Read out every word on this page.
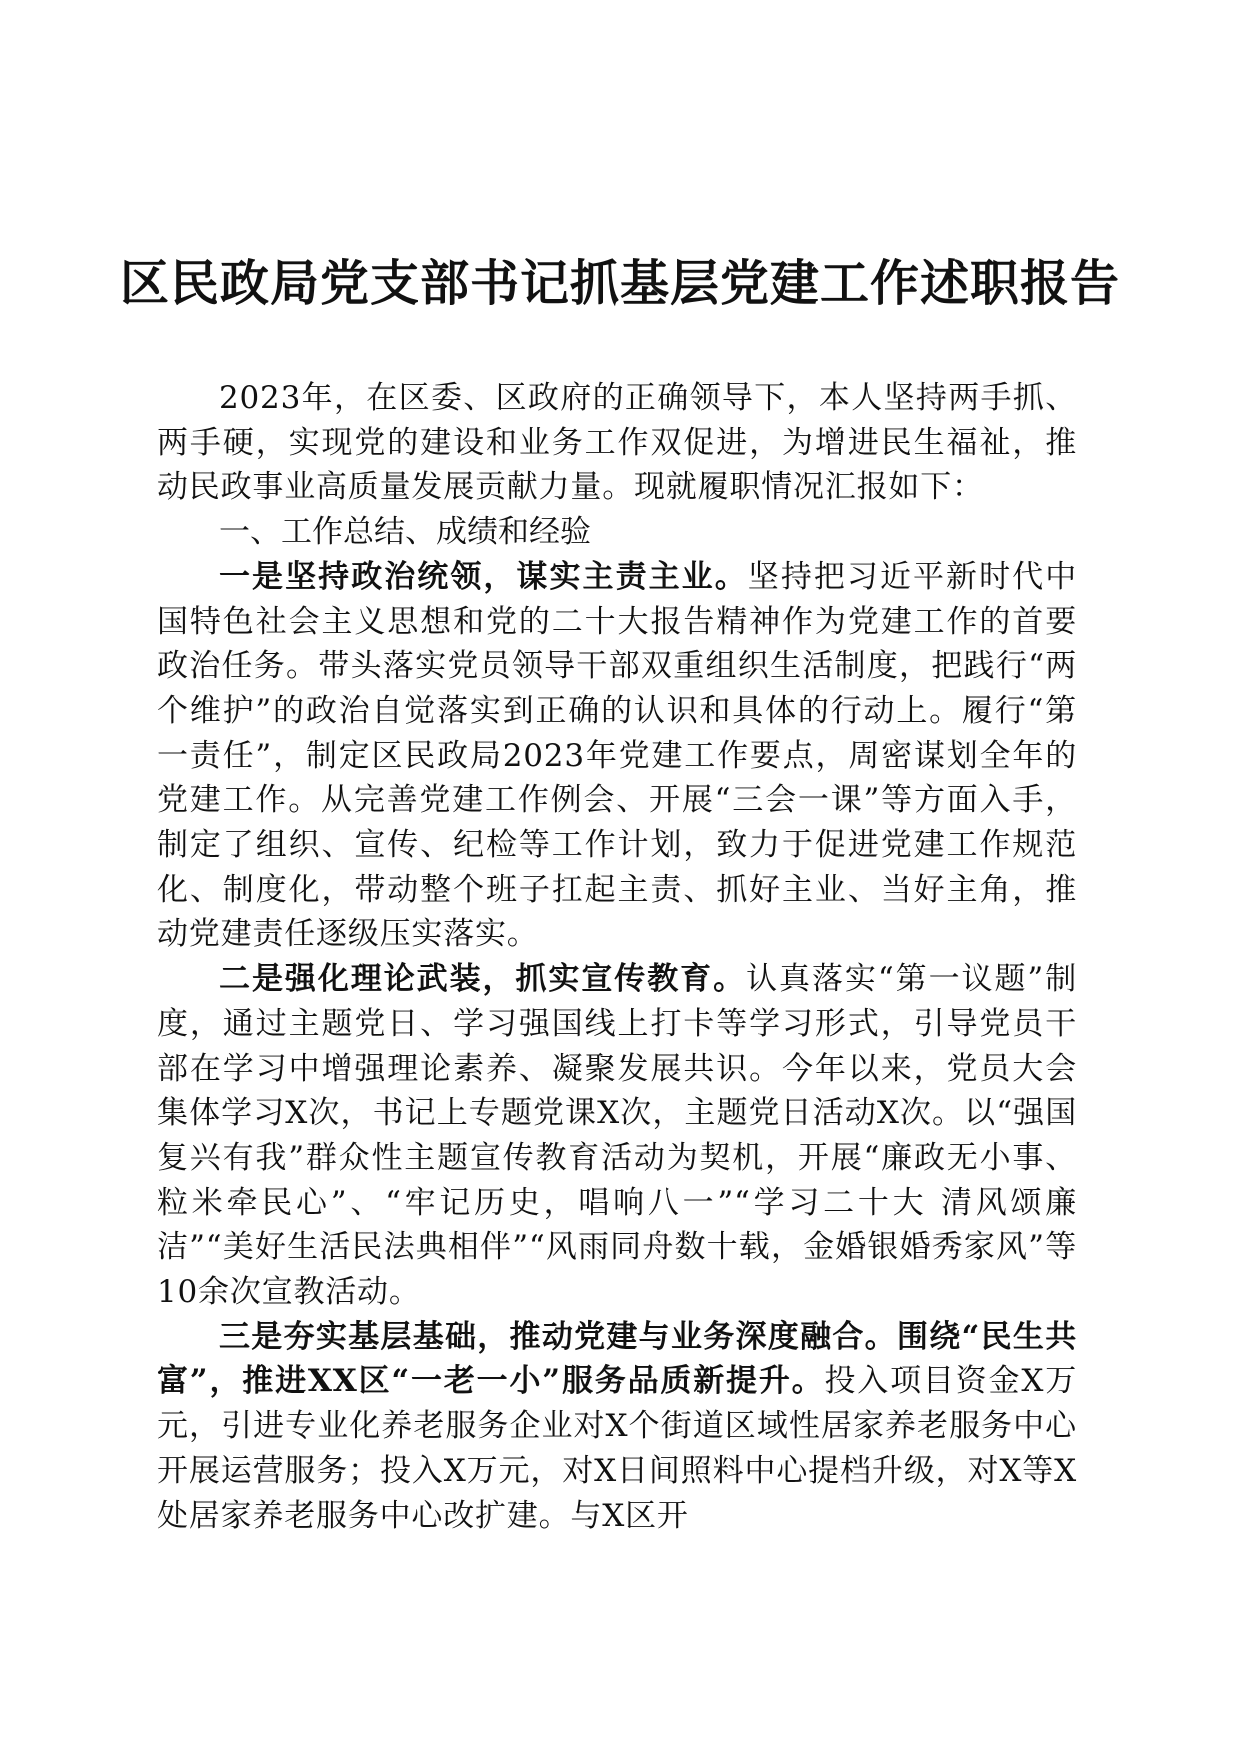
区民政局党支部书记抓基层党建工作述职报告

2023年，在区委、区政府的正确领导下，本人坚持两手抓、两手硬，实现党的建设和业务工作双促进，为增进民生福祉，推动民政事业高质量发展贡献力量。现就履职情况汇报如下：

一、工作总结、成绩和经验

一是坚持政治统领，谋实主责主业。坚持把习近平新时代中国特色社会主义思想和党的二十大报告精神作为党建工作的首要政治任务。带头落实党员领导干部双重组织生活制度，把践行“两个维护”的政治自觉落实到正确的认识和具体的行动上。履行“第一责任”，制定区民政局2023年党建工作要点，周密谋划全年的党建工作。从完善党建工作例会、开展“三会一课”等方面入手，制定了组织、宣传、纪检等工作计划，致力于促进党建工作规范化、制度化，带动整个班子扛起主责、抓好主业、当好主角，推动党建责任逐级压实落实。

二是强化理论武装，抓实宣传教育。认真落实“第一议题”制度，通过主题党日、学习强国线上打卡等学习形式，引导党员干部在学习中增强理论素养、凝聚发展共识。今年以来，党员大会集体学习X次，书记上专题党课X次，主题党日活动X次。以“强国复兴有我”群众性主题宣传教育活动为契机，开展“廉政无小事、粒米牵民心”、“牢记历史，唱响八一”“学习二十大 清风颂廉洁”“美好生活民法典相伴”“风雨同舟数十载，金婚银婚秀家风”等10余次宣教活动。

三是夯实基层基础，推动党建与业务深度融合。围绕“民生共富”，推进XX区“一老一小”服务品质新提升。投入项目资金X万元，引进专业化养老服务企业对X个街道区域性居家养老服务中心开展运营服务；投入X万元，对X日间照料中心提档升级，对X等X处居家养老服务中心改扩建。与X区开
